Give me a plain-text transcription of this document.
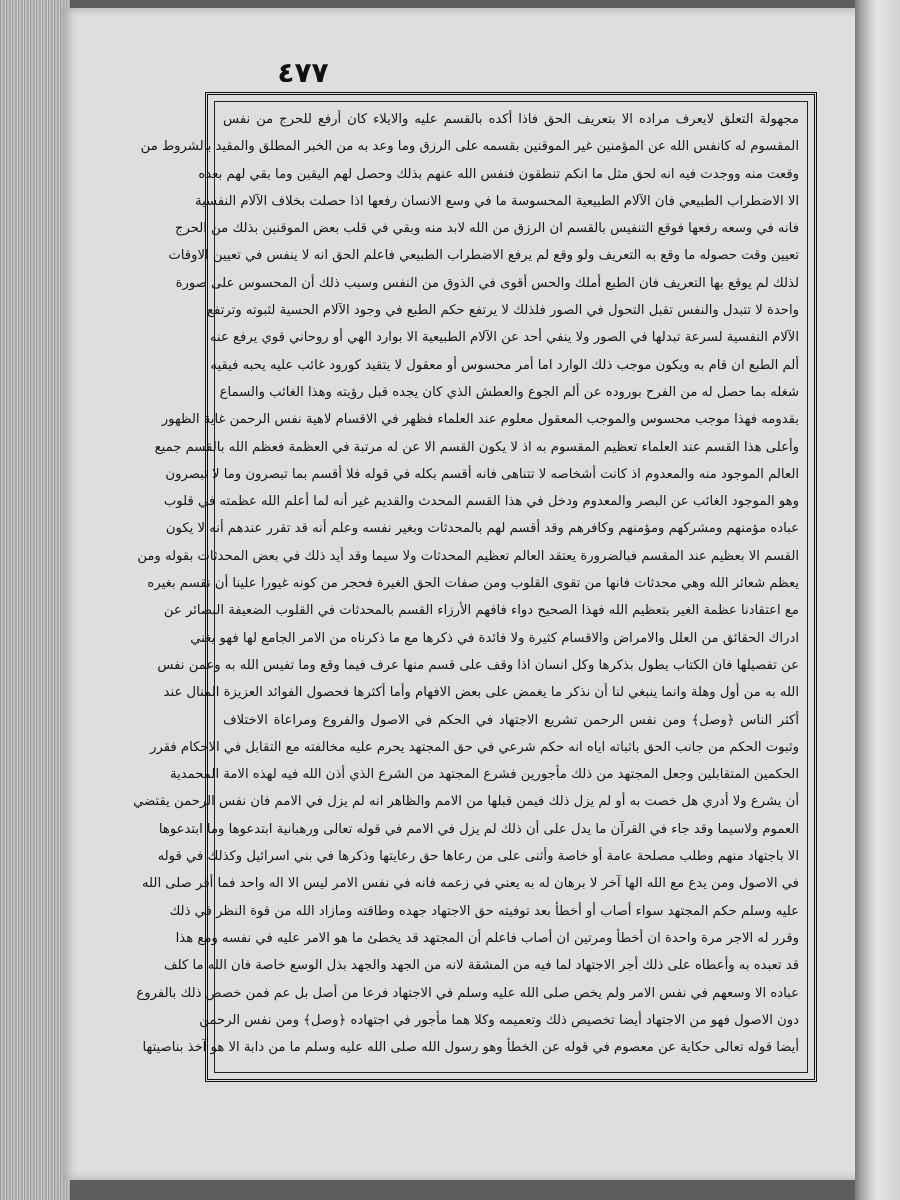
٤٧٧
مجهولة التعلق لايعرف مراده الا بتعريف الحق فاذا أكده بالقسم عليه والايلاء كان أرفع للحرج من نفس
المقسوم له كانفس الله عن المؤمنين غير الموقنين بقسمه على الرزق وما وعد به من الخبر المطلق والمقيد بالشروط من
وقعت منه ووجدت فيه انه لحق مثل ما انكم تنطقون فنفس الله عنهم بذلك وحصل لهم اليقين وما بقي لهم بعده
الا الاضطراب الطبيعي فان الآلام الطبيعية المحسوسة ما في وسع الانسان رفعها اذا حصلت بخلاف الآلام النفسية
فانه في وسعه رفعها فوقع التنفيس بالقسم ان الرزق من الله لابد منه وبقي في قلب بعض الموقنين بذلك من الحرج
تعيين وقت حصوله ما وقع به التعريف ولو وقع لم يرفع الاضطراب الطبيعي فاعلم الحق انه لا ينفس في تعيين الاوقات
لذلك لم يوقع بها التعريف فان الطبع أملك والحس أقوى في الذوق من النفس وسبب ذلك أن المحسوس على صورة
واحدة لا تتبدل والنفس تقبل التحول في الصور فلذلك لا يرتفع حكم الطبع في وجود الآلام الحسية لثبوته وترتفع
الآلام النفسية لسرعة تبدلها في الصور ولا ينفي أحد عن الآلام الطبيعية الا بوارد الهي أو روحاني قوي يرفع عنه
ألم الطبع ان قام به ويكون موجب ذلك الوارد اما أمر محسوس أو معقول لا يتقيد كورود غائب عليه يحبه فيقيه
شغله بما حصل له من الفرح بوروده عن ألم الجوع والعطش الذي كان يجده قبل رؤيته وهذا الغائب والسماع
بقدومه فهذا موجب محسوس والموجب المعقول معلوم عند العلماء فظهر في الاقسام لاهية نفس الرحمن غاية الظهور
وأعلى هذا القسم عند العلماء تعظيم المقسوم به اذ لا يكون القسم الا عن له مرتبة في العظمة فعظم الله بالقسم جميع
العالم الموجود منه والمعدوم اذ كانت أشخاصه لا تتناهى فانه أقسم بكله في قوله فلا أقسم بما تبصرون وما لا تبصرون
وهو الموجود الغائب عن البصر والمعدوم ودخل في هذا القسم المحدث والقديم غير أنه لما أعلم الله عظمته في قلوب
عباده مؤمنهم ومشركهم ومؤمنهم وكافرهم وقد أقسم لهم بالمحدثات وبغير نفسه وعلم أنه قد تقرر عندهم أنه لا يكون
القسم الا بعظيم عند المقسم فبالضرورة يعتقد العالم تعظيم المحدثات ولا سيما وقد أيد ذلك في بعض المحدثات بقوله ومن
يعظم شعائر الله وهي محدثات فانها من تقوى القلوب ومن صفات الحق الغيرة فحجر من كونه غيورا علينا أن نقسم بغيره
مع اعتقادنا عظمة الغير بتعظيم الله فهذا الصحيح دواء فافهم الأرزاء القسم بالمحدثات في القلوب الضعيفة البصائر عن
ادراك الحقائق من العلل والامراض والاقسام كثيرة ولا فائدة في ذكرها مع ما ذكرناه من الامر الجامع لها فهو يغني
عن تفصيلها فان الكتاب يطول بذكرها وكل انسان اذا وقف على قسم منها عرف فيما وقع وما تفيس الله به وعمن نفس
الله به من أول وهلة وانما ينبغي لنا أن نذكر ما يغمض على بعض الافهام وأما أكثرها فحصول الفوائد العزيزة المنال عند
أكثر الناس ﴿وصل﴾ ومن نفس الرحمن تشريع الاجتهاد في الحكم في الاصول والفروع ومراعاة الاختلاف
وثبوت الحكم من جانب الحق باثباته اياه انه حكم شرعي في حق المجتهد يحرم عليه مخالفته مع التقابل في الاحكام فقرر
الحكمين المتقابلين وجعل المجتهد من ذلك مأجورين فشرع المجتهد من الشرع الذي أذن الله فيه لهذه الامة المحمدية
أن يشرع ولا أدري هل خصت به أو لم يزل ذلك فيمن قبلها من الامم والظاهر انه لم يزل في الامم فان نفس الرحمن يقتضي
العموم ولاسيما وقد جاء في القرآن ما يدل على أن ذلك لم يزل في الامم في قوله تعالى ورهبانية ابتدعوها وما ابتدعوها
الا باجتهاد منهم وطلب مصلحة عامة أو خاصة وأثنى على من رعاها حق رعايتها وذكرها في بني اسرائيل وكذلك في قوله
في الاصول ومن يدع مع الله الها آخر لا برهان له به يعني في زعمه فانه في نفس الامر ليس الا اله واحد فما أقر صلى الله
عليه وسلم حكم المجتهد سواء أصاب أو أخطأ بعد توفيته حق الاجتهاد جهده وطاقته ومازاد الله من قوة النظر في ذلك
وقرر له الاجر مرة واحدة ان أخطأ ومرتين ان أصاب فاعلم أن المجتهد قد يخطئ ما هو الامر عليه في نفسه ومع هذا
قد تعبده به وأعطاه على ذلك أجر الاجتهاد لما فيه من المشقة لانه من الجهد والجهد بذل الوسع خاصة فان الله ما كلف
عباده الا وسعهم في نفس الامر ولم يخص صلى الله عليه وسلم في الاجتهاد فرعا من أصل بل عم فمن خصص ذلك بالفروع
دون الاصول فهو من الاجتهاد أيضا تخصيص ذلك وتعميمه وكلا هما مأجور في اجتهاده ﴿وصل﴾ ومن نفس الرحمن
أيضا قوله تعالى حكاية عن معصوم في قوله عن الخطأ وهو رسول الله صلى الله عليه وسلم ما من دابة الا هو آخذ بناصيتها
